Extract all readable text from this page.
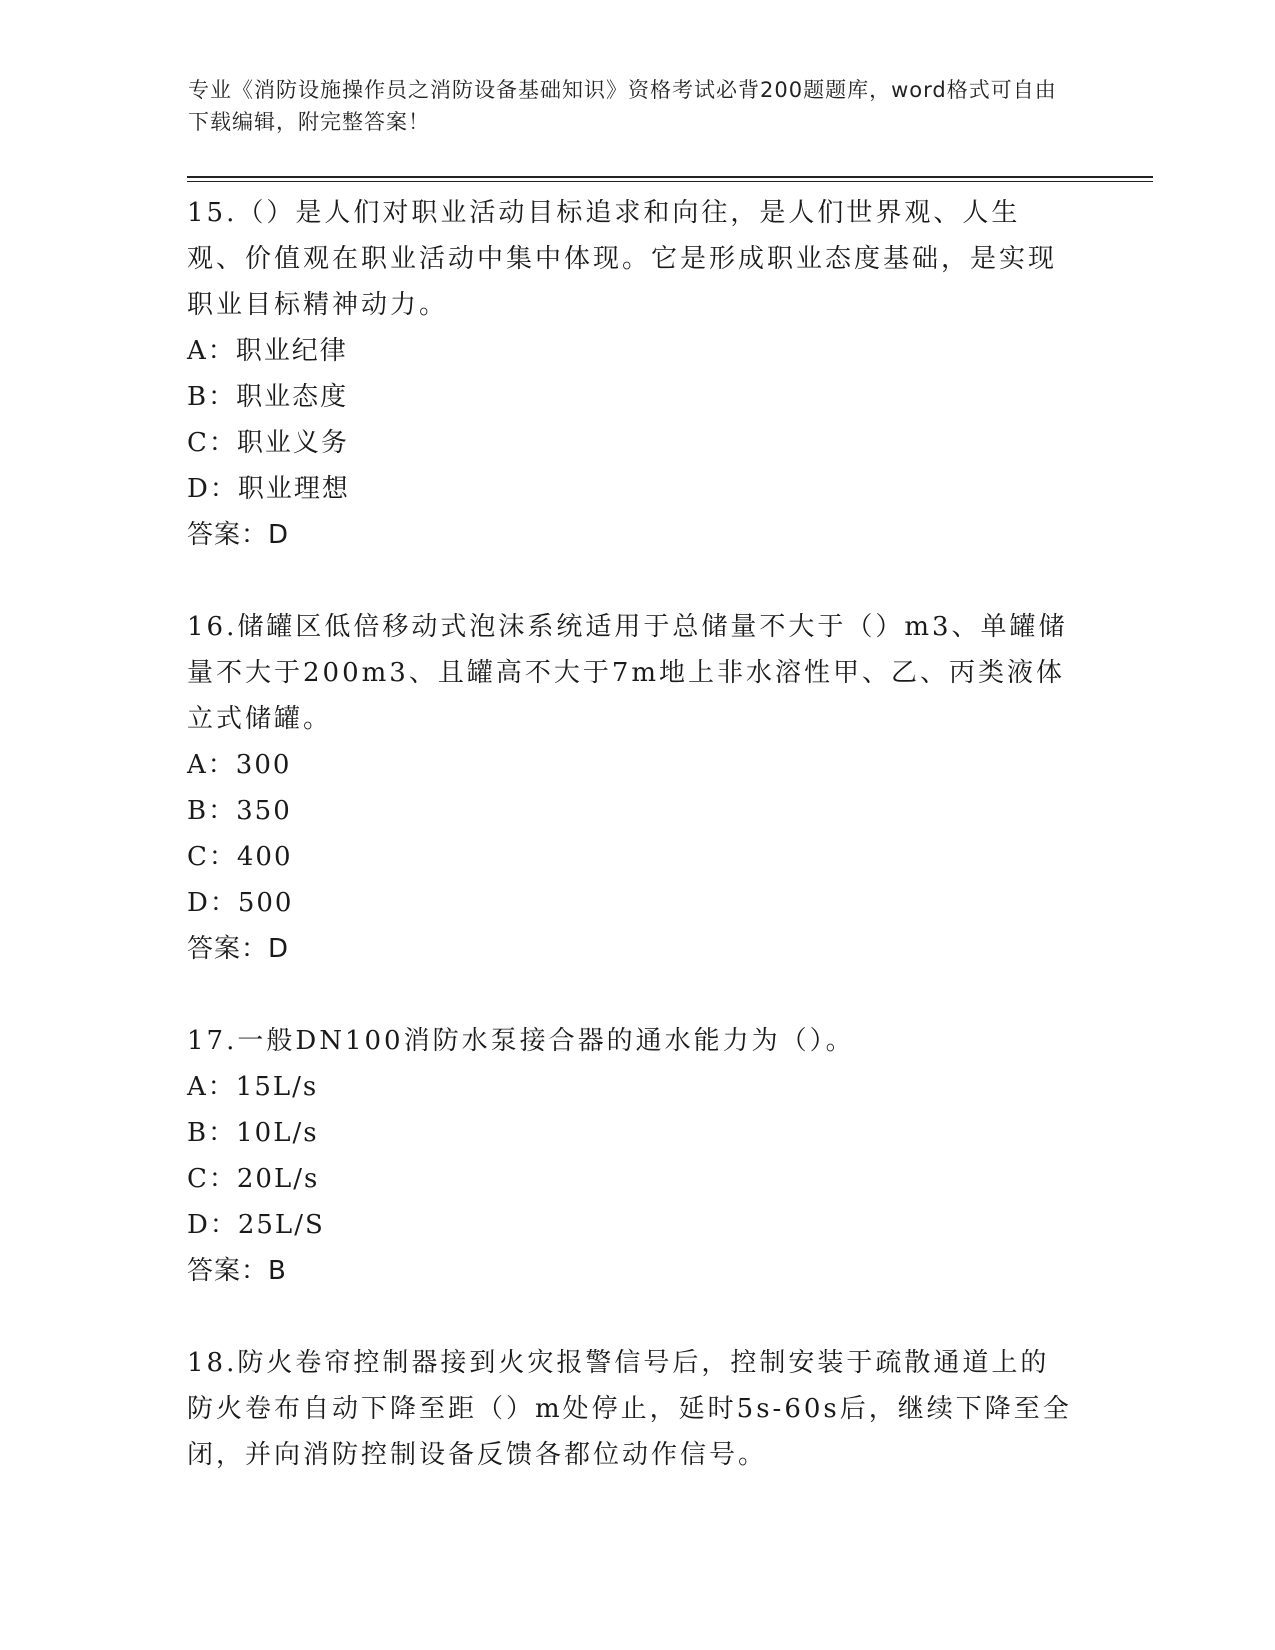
专业《消防设施操作员之消防设备基础知识》资格考试必背200题题库，word格式可自由下载编辑，附完整答案！

15.（）是人们对职业活动目标追求和向往，是人们世界观、人生观、价值观在职业活动中集中体现。它是形成职业态度基础，是实现职业目标精神动力。

A：职业纪律

B：职业态度

C：职业义务

D：职业理想

答案：D

16.储罐区低倍移动式泡沫系统适用于总储量不大于（）m3、单罐储量不大于200m3、且罐高不大于7m地上非水溶性甲、乙、丙类液体立式储罐。

A：300

B：350

C：400

D：500

答案：D

17.一般DN100消防水泵接合器的通水能力为（）。

A：15L/s

B：10L/s

C：20L/s

D：25L/S

答案：B

18.防火卷帘控制器接到火灾报警信号后，控制安装于疏散通道上的防火卷布自动下降至距（）m处停止，延时5s-60s后，继续下降至全闭，并向消防控制设备反馈各都位动作信号。
